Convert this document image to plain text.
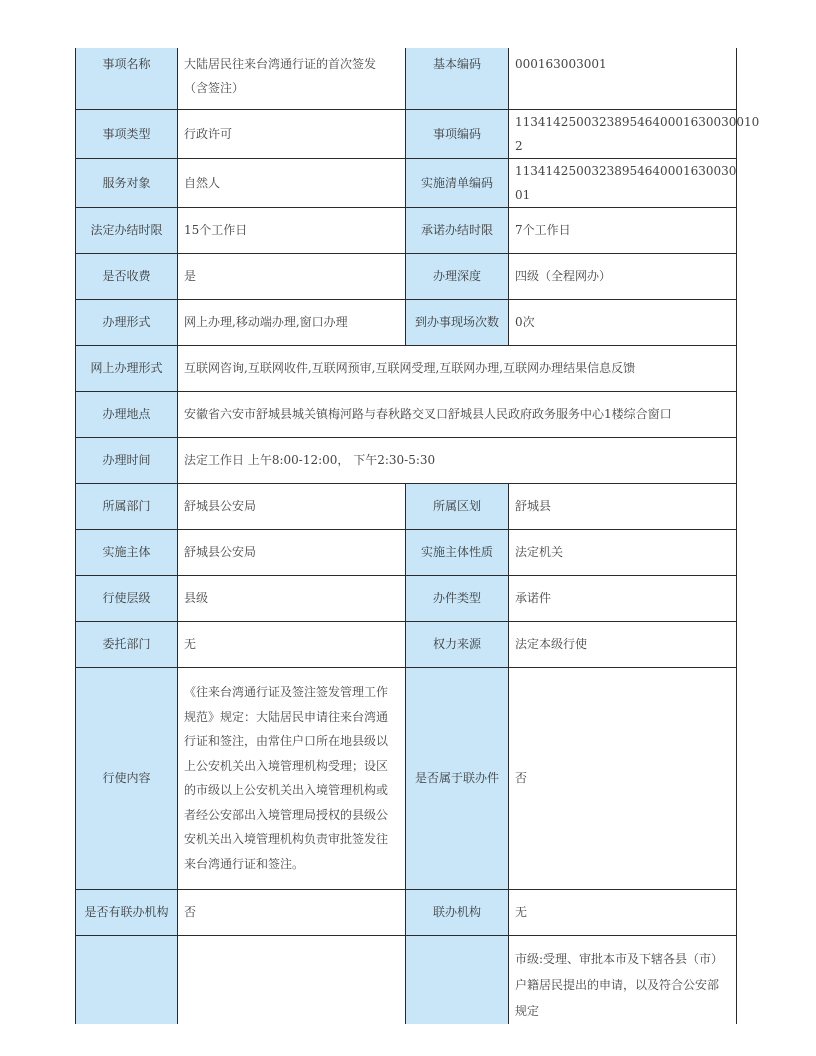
事项名称	大陆居民往来台湾通行证的首次签发（含签注）	基本编码	000163003001
事项类型	行政许可	事项编码	11341425003238954640001630030010 2
服务对象	自然人	实施清单编码	11341425003238954640001630030 01
法定办结时限	15个工作日	承诺办结时限	7个工作日
是否收费	是	办理深度	四级（全程网办）
办理形式	网上办理,移动端办理,窗口办理	到办事现场次数	0次
网上办理形式	互联网咨询,互联网收件,互联网预审,互联网受理,互联网办理,互联网办理结果信息反馈		
办理地点	安徽省六安市舒城县城关镇梅河路与春秋路交叉口舒城县人民政府政务服务中心1楼综合窗口		
办理时间	法定工作日 上午8:00-12:00， 下午2:30-5:30		
所属部门	舒城县公安局	所属区划	舒城县
实施主体	舒城县公安局	实施主体性质	法定机关
行使层级	县级	办件类型	承诺件
委托部门	无	权力来源	法定本级行使
行使内容	《往来台湾通行证及签注签发管理工作规范》规定：大陆居民申请往来台湾通行证和签注，由常住户口所在地县级以上公安机关出入境管理机构受理；设区的市级以上公安机关出入境管理机构或者经公安部出入境管理局授权的县级公安机关出入境管理机构负责审批签发往来台湾通行证和签注。	是否属于联办件	否
是否有联办机构	否	联办机构	无
			市级:受理、审批本市及下辖各县（市）户籍居民提出的申请，以及符合公安部规定
